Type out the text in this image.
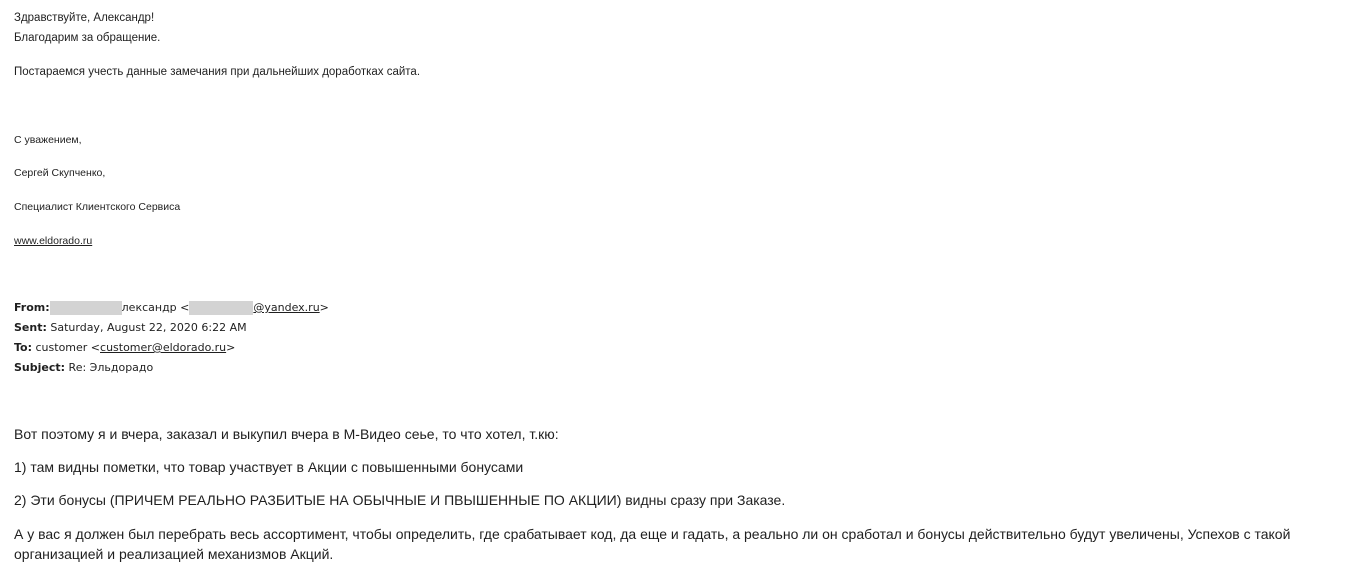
Здравствуйте, Александр!
Благодарим за обращение.
Постараемся учесть данные замечания при дальнейших доработках сайта.
С уважением,
Сергей Скупченко,
Специалист Клиентского Сервиса
www.eldorado.ru
From:	лександр <	@yandex.ru>
Sent: Saturday, August 22, 2020 6:22 AM
To: customer <customer@eldorado.ru>
Subject: Re: Эльдорадо
Вот поэтому я и вчера, заказал и выкупил вчера в М-Видео сеье, то что хотел, т.кю:
1) там видны пометки, что товар участвует в Акции с повышенными бонусами
2) Эти бонусы (ПРИЧЕМ РЕАЛЬНО РАЗБИТЫЕ НА ОБЫЧНЫЕ И ПВЫШЕННЫЕ ПО АКЦИИ) видны сразу при Заказе.
А у вас я должен был перебрать весь ассортимент, чтобы определить, где срабатывает код, да еще и гадать, а реально ли он сработал и бонусы действительно будут увеличены, Успехов с такой организацией и реализацией механизмов Акций.
